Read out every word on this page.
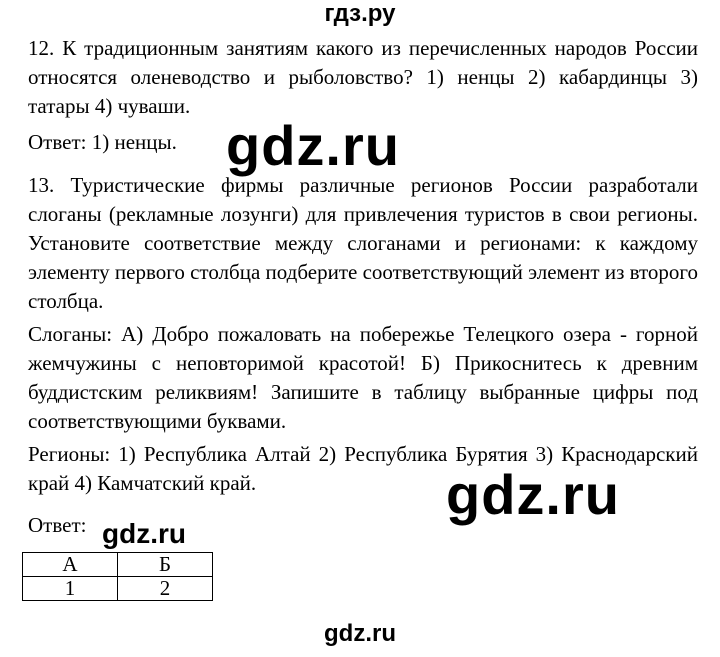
гдз.ру
12. К традиционным занятиям какого из перечисленных народов России относятся оленеводство и рыболовство? 1) ненцы 2) кабардинцы 3) татары 4) чуваши.
Ответ: 1) ненцы. gdz.ru
13. Туристические фирмы различные регионов России разработали слоганы (рекламные лозунги) для привлечения туристов в свои регионы. Установите соответствие между слоганами и регионами: к каждому элементу первого столбца подберите соответствующий элемент из второго столбца.
Слоганы: А) Добро пожаловать на побережье Телецкого озера - горной жемчужины с неповторимой красотой! Б) Прикоснитесь к древним буддистским реликвиям! Запишите в таблицу выбранные цифры под соответствующими буквами.
Регионы: 1) Республика Алтай 2) Республика Бурятия 3) Краснодарский край 4) Камчатский край.	gdz.ru
Ответ: gdz.ru
А	Б
1	2
gdz.ru
